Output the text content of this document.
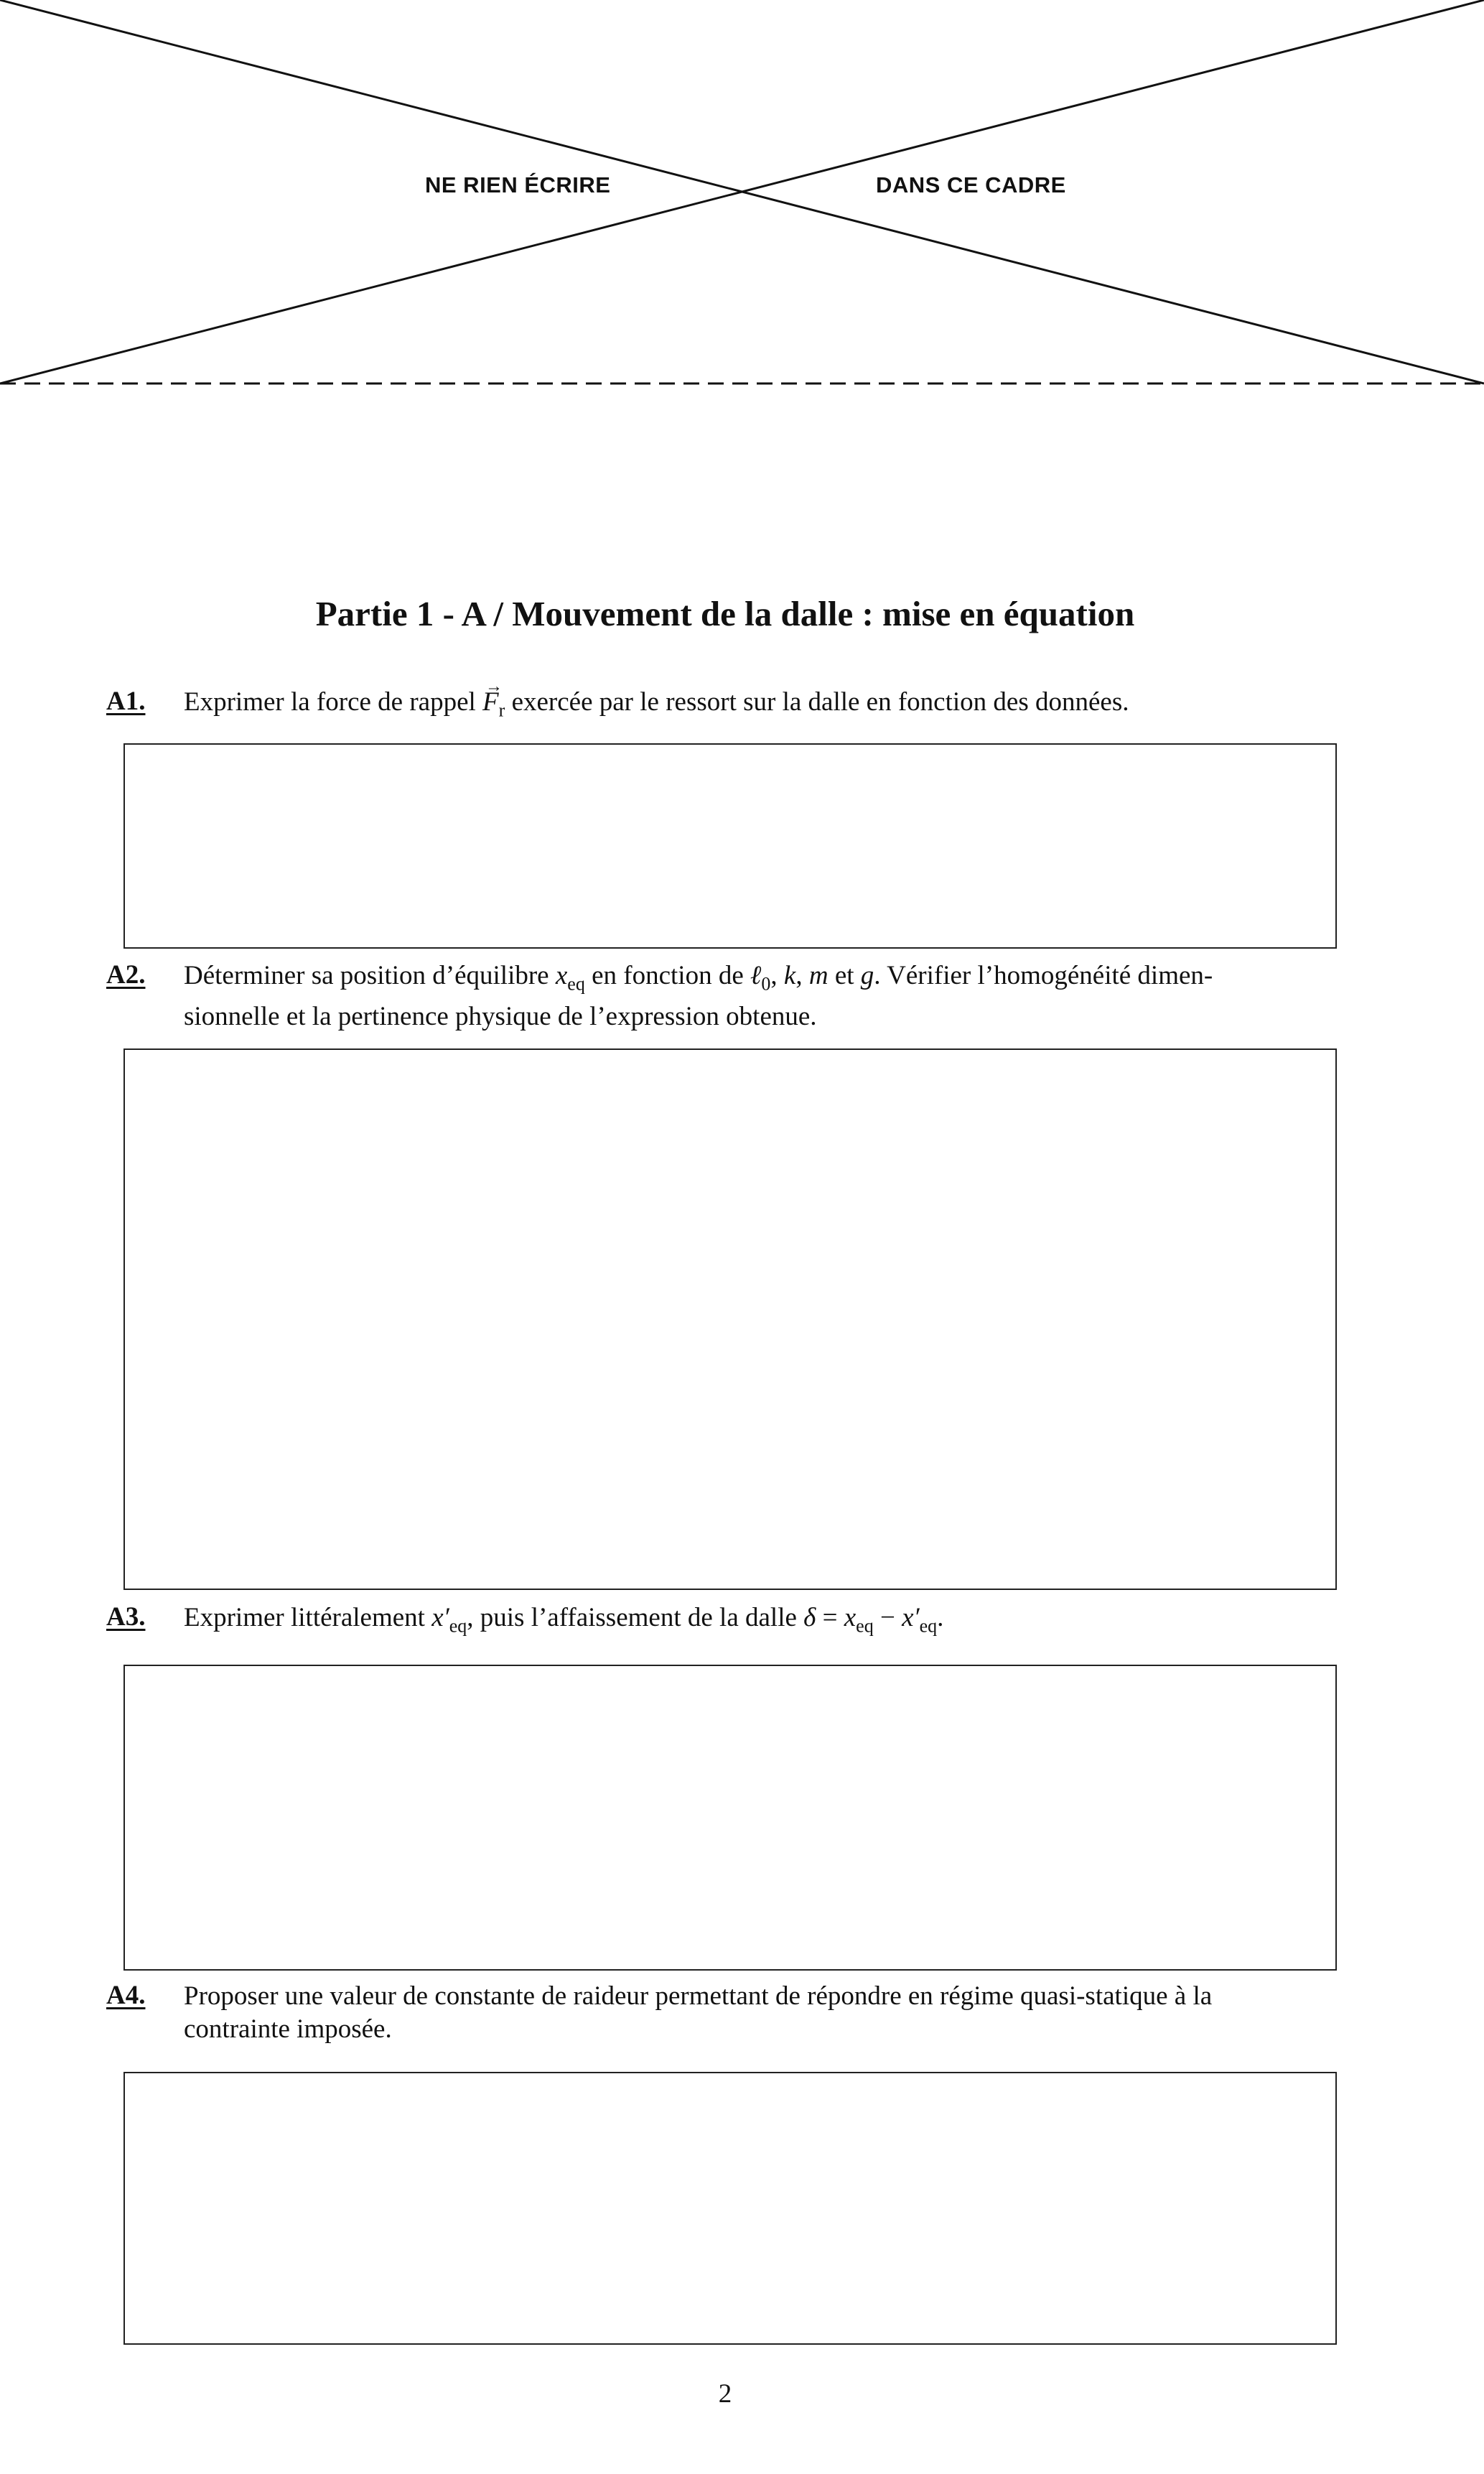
NE RIEN ÉCRIRE	DANS CE CADRE
Partie 1 - A / Mouvement de la dalle : mise en équation
A1. Exprimer la force de rappel → $F_r$ exercée par le ressort sur la dalle en fonction des données.
A2. Déterminer sa position d’équilibre $x_{eq}$ en fonction de ℓ$_0$, k, m et g. Vérifier l’homogénéité dimen-
sionnelle et la pertinence physique de l’expression obtenue.
A3. Exprimer littéralement $x'_{eq}$, puis l’affaissement de la dalle $\delta = x_{eq} - x'_{eq}$.
A4. Proposer une valeur de constante de raideur permettant de répondre en régime quasi-statique à la
contrainte imposée.
2
